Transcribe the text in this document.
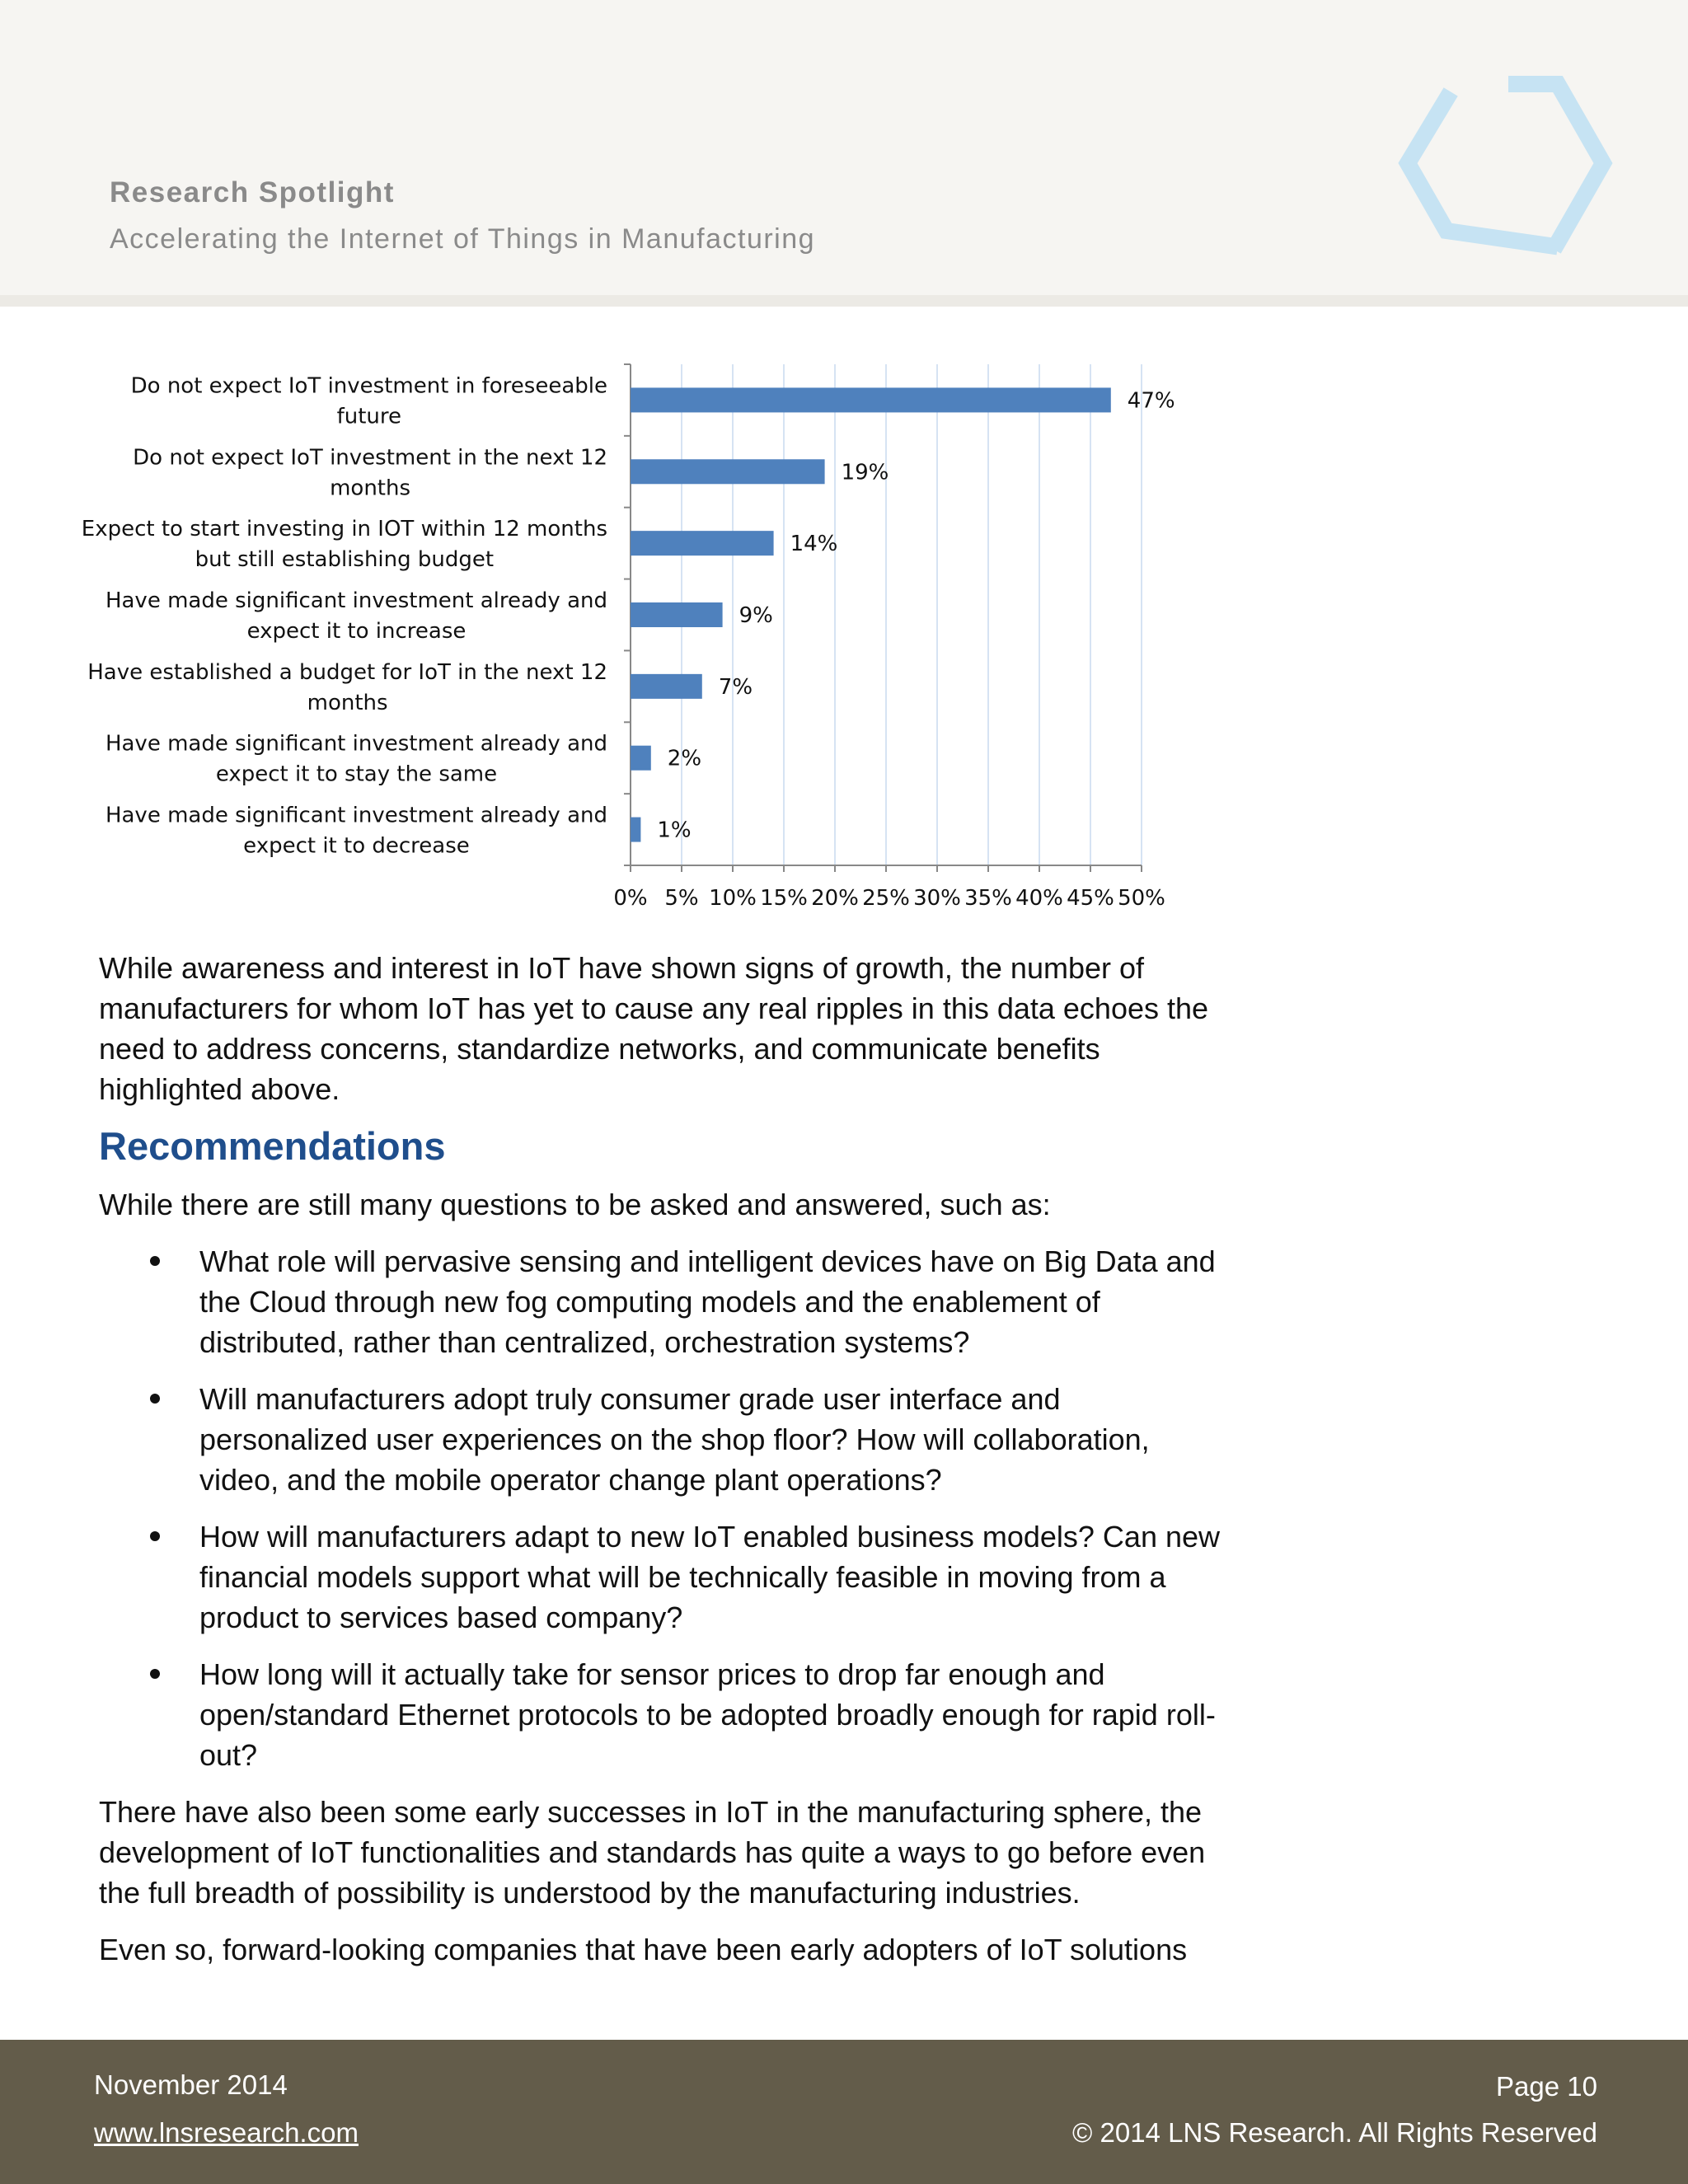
Research Spotlight
Accelerating the Internet of Things in Manufacturing
Do not expect IoT investment in foreseeable
future
Do not expect IoT investment in the next 12
months
Expect to start investing in IOT within 12 months
but still establishing budget
Have made significant investment already and
expect it to increase
Have established a budget for IoT in the next 12
months
Have made significant investment already and
expect it to stay the same
Have made significant investment already and
expect it to decrease
47%
19%
14%
9%
7%
2%
1%
0% 5% 10% 15% 20% 25% 30% 35% 40% 45% 50%

While awareness and interest in IoT have shown signs of growth, the number of manufacturers for whom IoT has yet to cause any real ripples in this data echoes the need to address concerns, standardize networks, and communicate benefits highlighted above.

Recommendations

While there are still many questions to be asked and answered, such as:

What role will pervasive sensing and intelligent devices have on Big Data and the Cloud through new fog computing models and the enablement of distributed, rather than centralized, orchestration systems?
Will manufacturers adopt truly consumer grade user interface and personalized user experiences on the shop floor? How will collaboration, video, and the mobile operator change plant operations?
How will manufacturers adapt to new IoT enabled business models? Can new financial models support what will be technically feasible in moving from a product to services based company?
How long will it actually take for sensor prices to drop far enough and open/standard Ethernet protocols to be adopted broadly enough for rapid roll-out?

There have also been some early successes in IoT in the manufacturing sphere, the development of IoT functionalities and standards has quite a ways to go before even the full breadth of possibility is understood by the manufacturing industries.

Even so, forward-looking companies that have been early adopters of IoT solutions

November 2014
www.lnsresearch.com
Page 10
© 2014 LNS Research. All Rights Reserved
